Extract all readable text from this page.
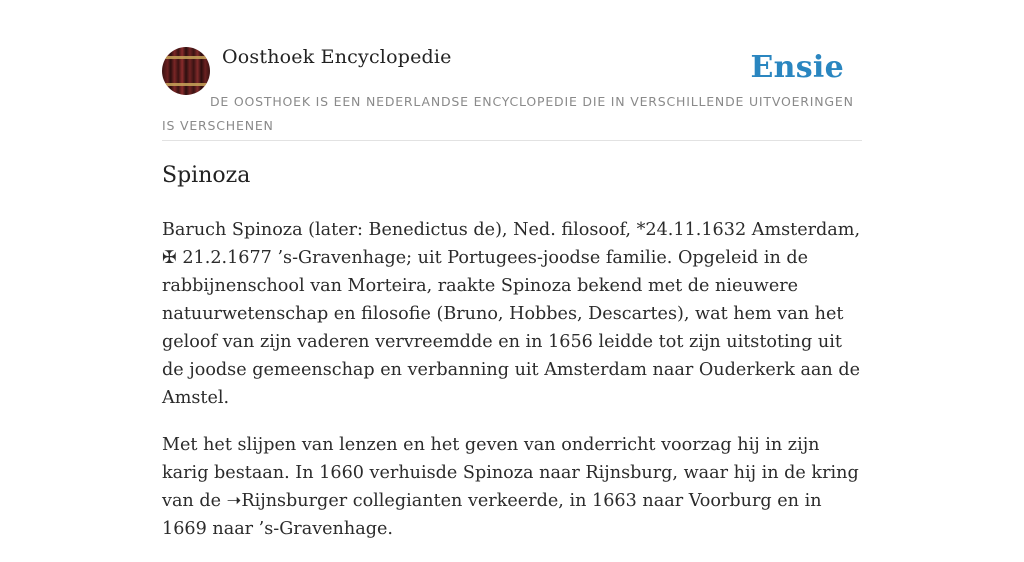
Oosthoek Encyclopedie	Ensie
DE OOSTHOEK IS EEN NEDERLANDSE ENCYCLOPEDIE DIE IN VERSCHILLENDE UITVOERINGEN IS VERSCHENEN
Spinoza

Baruch Spinoza (later: Benedictus de), Ned. filosoof, *24.11.1632 Amsterdam, ✠ 21.2.1677 ’s-Gravenhage; uit Portugees-joodse familie. Opgeleid in de rabbijnenschool van Morteira, raakte Spinoza bekend met de nieuwere natuurwetenschap en filosofie (Bruno, Hobbes, Descartes), wat hem van het geloof van zijn vaderen vervreemdde en in 1656 leidde tot zijn uitstoting uit de joodse gemeenschap en verbanning uit Amsterdam naar Ouderkerk aan de Amstel.

Met het slijpen van lenzen en het geven van onderricht voorzag hij in zijn karig bestaan. In 1660 verhuisde Spinoza naar Rijnsburg, waar hij in de kring van de ➝Rijnsburger collegianten verkeerde, in 1663 naar Voorburg en in 1669 naar ’s-Gravenhage.
